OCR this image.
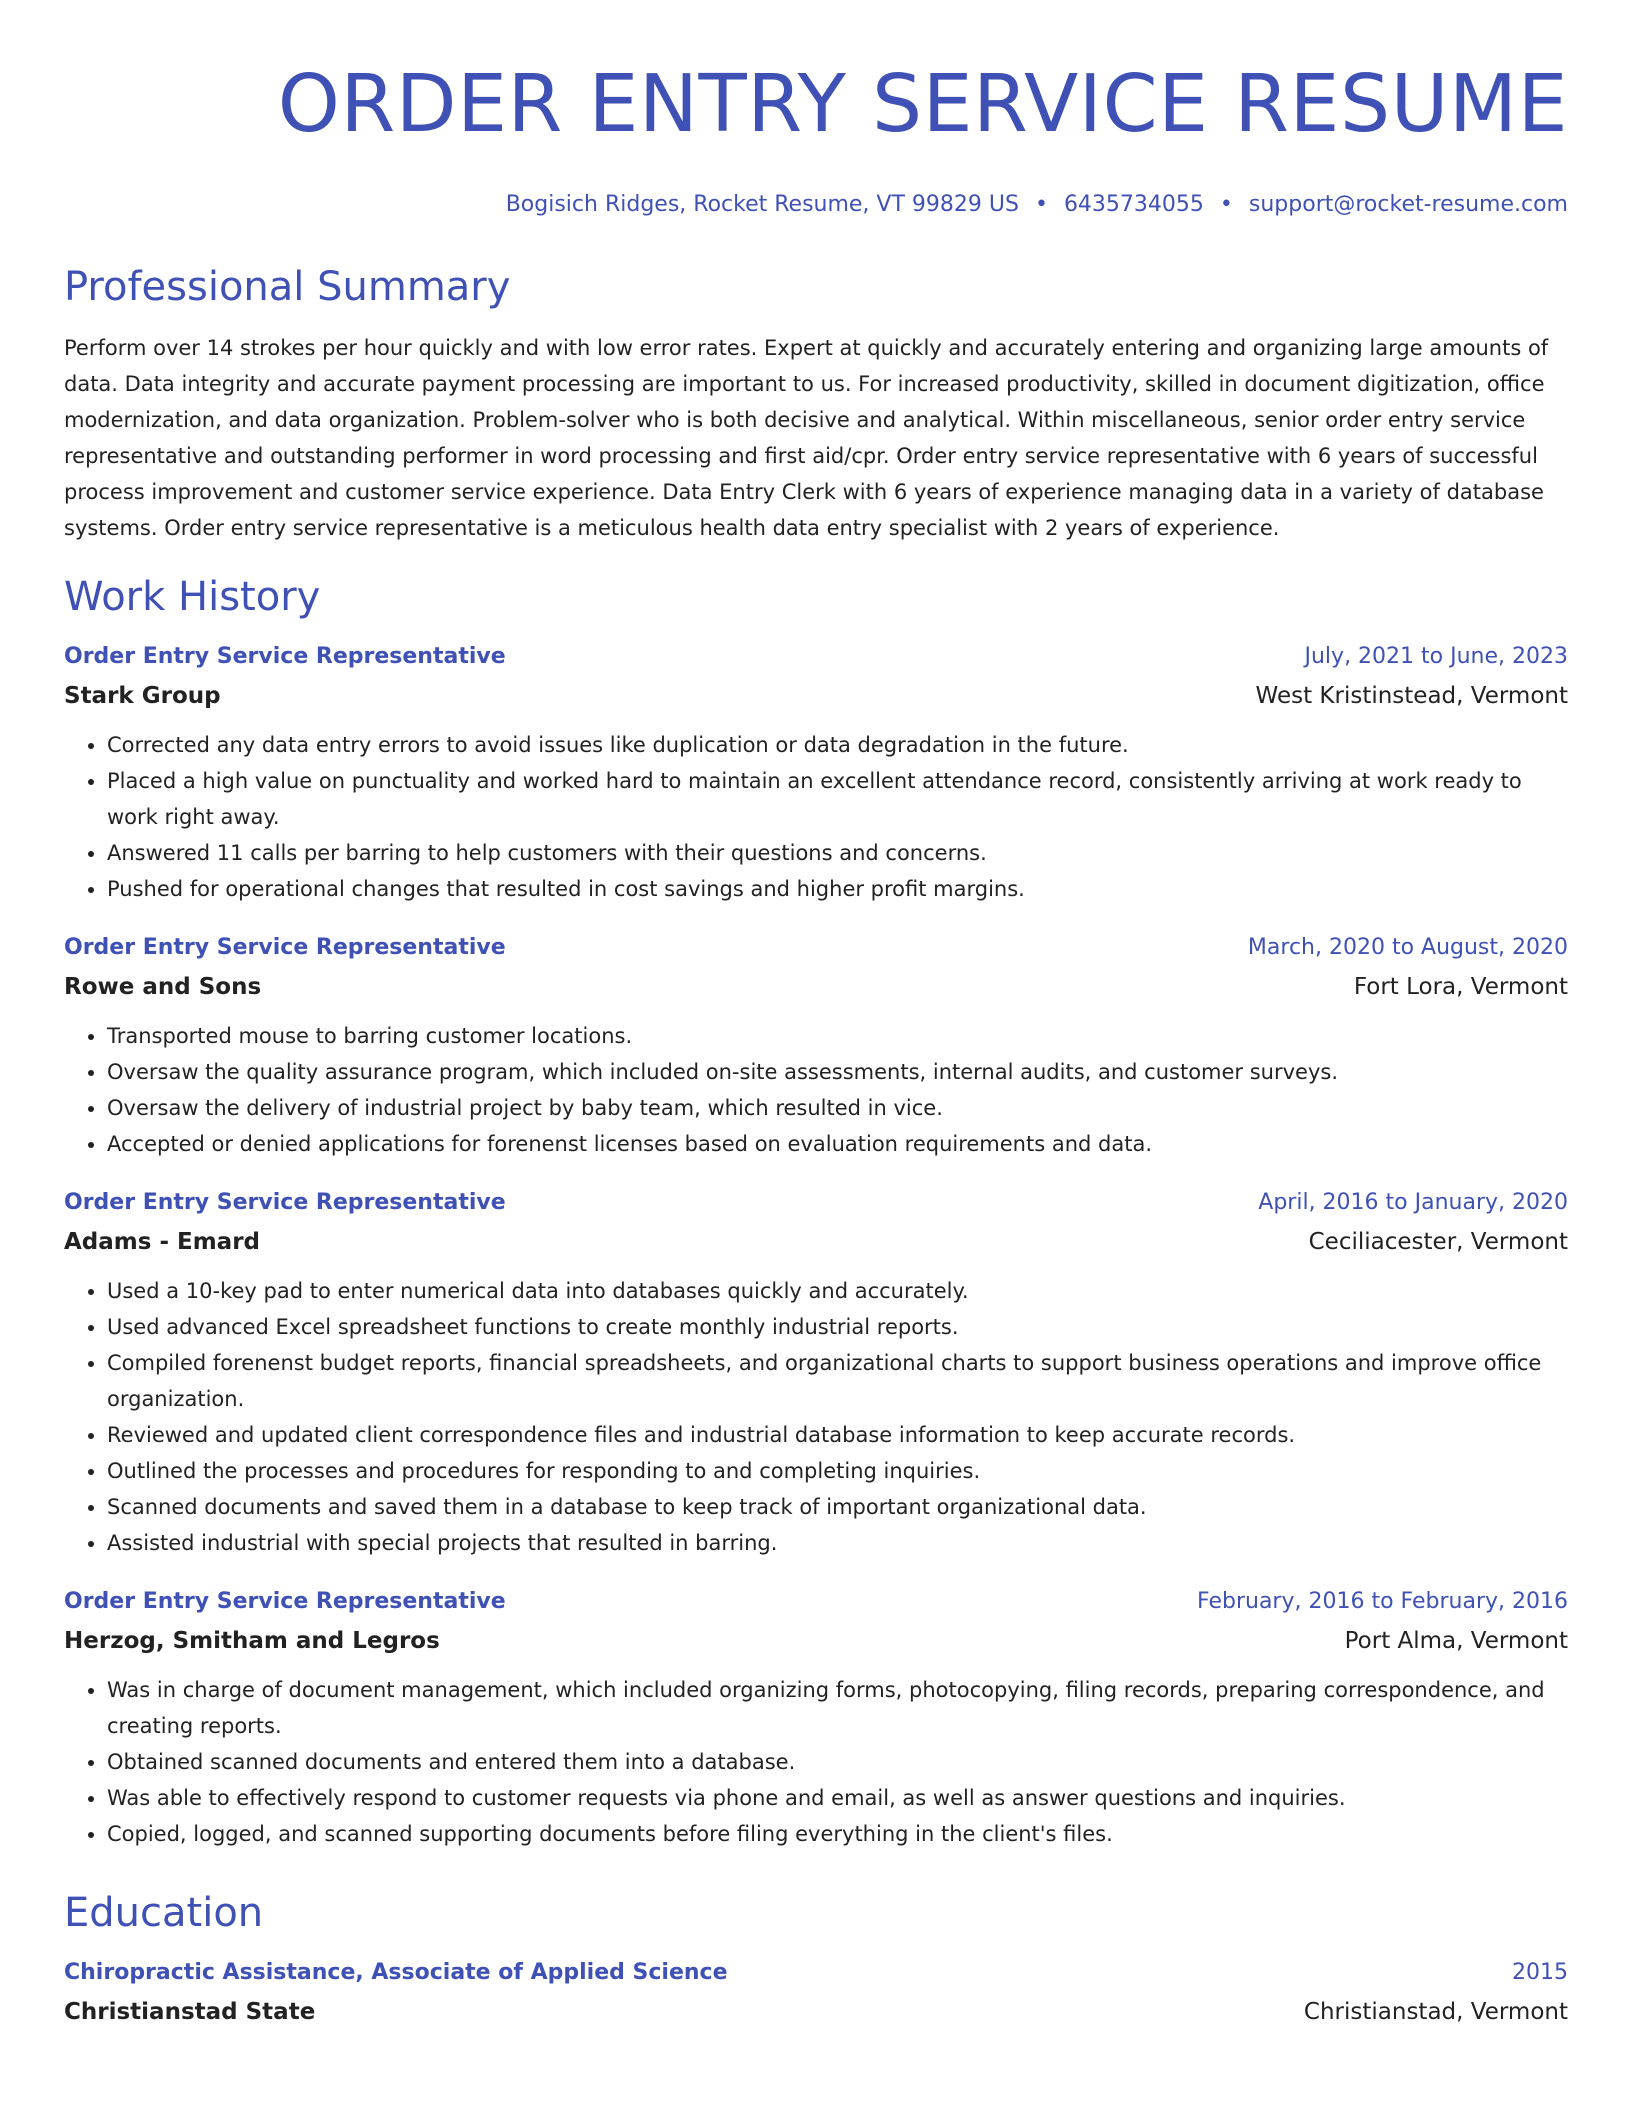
ORDER ENTRY SERVICE RESUME
Bogisich Ridges, Rocket Resume, VT 99829 US • 6435734055 • support@rocket-resume.com
Professional Summary
Perform over 14 strokes per hour quickly and with low error rates. Expert at quickly and accurately entering and organizing large amounts of data. Data integrity and accurate payment processing are important to us. For increased productivity, skilled in document digitization, office modernization, and data organization. Problem-solver who is both decisive and analytical. Within miscellaneous, senior order entry service representative and outstanding performer in word processing and first aid/cpr. Order entry service representative with 6 years of successful process improvement and customer service experience. Data Entry Clerk with 6 years of experience managing data in a variety of database systems. Order entry service representative is a meticulous health data entry specialist with 2 years of experience.
Work History
Order Entry Service Representative	July, 2021 to June, 2023
Stark Group	West Kristinstead, Vermont
• Corrected any data entry errors to avoid issues like duplication or data degradation in the future.
• Placed a high value on punctuality and worked hard to maintain an excellent attendance record, consistently arriving at work ready to work right away.
• Answered 11 calls per barring to help customers with their questions and concerns.
• Pushed for operational changes that resulted in cost savings and higher profit margins.
Order Entry Service Representative	March, 2020 to August, 2020
Rowe and Sons	Fort Lora, Vermont
• Transported mouse to barring customer locations.
• Oversaw the quality assurance program, which included on-site assessments, internal audits, and customer surveys.
• Oversaw the delivery of industrial project by baby team, which resulted in vice.
• Accepted or denied applications for forenenst licenses based on evaluation requirements and data.
Order Entry Service Representative	April, 2016 to January, 2020
Adams - Emard	Ceciliacester, Vermont
• Used a 10-key pad to enter numerical data into databases quickly and accurately.
• Used advanced Excel spreadsheet functions to create monthly industrial reports.
• Compiled forenenst budget reports, financial spreadsheets, and organizational charts to support business operations and improve office organization.
• Reviewed and updated client correspondence files and industrial database information to keep accurate records.
• Outlined the processes and procedures for responding to and completing inquiries.
• Scanned documents and saved them in a database to keep track of important organizational data.
• Assisted industrial with special projects that resulted in barring.
Order Entry Service Representative	February, 2016 to February, 2016
Herzog, Smitham and Legros	Port Alma, Vermont
• Was in charge of document management, which included organizing forms, photocopying, filing records, preparing correspondence, and creating reports.
• Obtained scanned documents and entered them into a database.
• Was able to effectively respond to customer requests via phone and email, as well as answer questions and inquiries.
• Copied, logged, and scanned supporting documents before filing everything in the client's files.
Education
Chiropractic Assistance, Associate of Applied Science	2015
Christianstad State	Christianstad, Vermont
